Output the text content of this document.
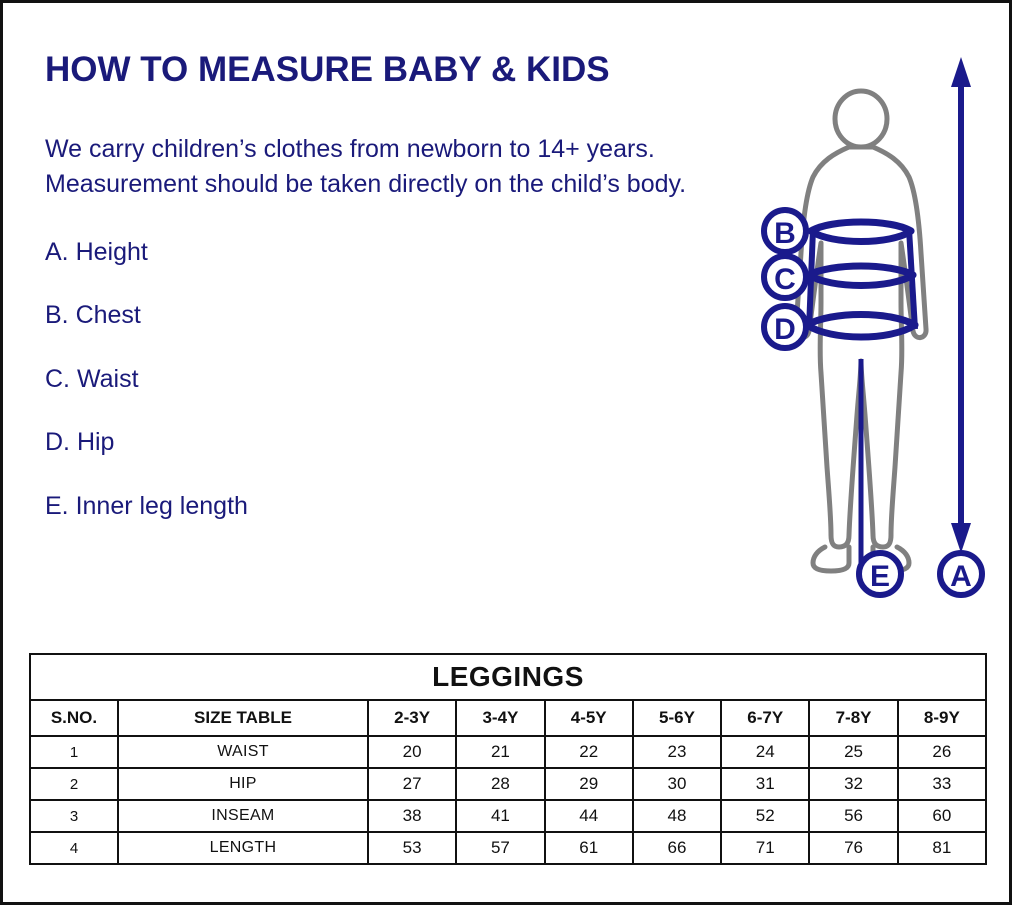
HOW TO MEASURE BABY & KIDS

We carry children’s clothes from newborn to 14+ years. Measurement should be taken directly on the child’s body.

A. Height

B. Chest

C. Waist

D. Hip

E. Inner leg length

B
C
D
E A
LEGGINGS								
S.NO.	SIZE TABLE	2-3Y	3-4Y	4-5Y	5-6Y	6-7Y	7-8Y	8-9Y
1	WAIST	20	21	22	23	24	25	26
2	HIP	27	28	29	30	31	32	33
3	INSEAM	38	41	44	48	52	56	60
4	LENGTH	53	57	61	66	71	76	81
